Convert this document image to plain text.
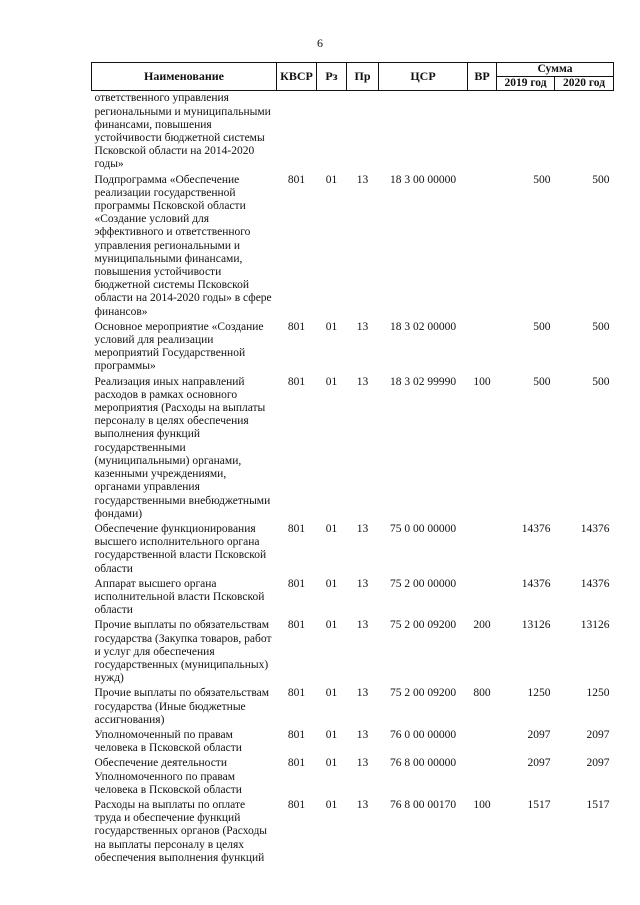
6
Наименование	КВСР	Рз	Пр	ЦСР	ВР	Сумма	
						2019 год	2020 год
ответственного управления региональными и муниципальными финансами, повышения устойчивости бюджетной системы Псковской области на 2014-2020 годы»							
Подпрограмма «Обеспечение реализации государственной программы Псковской области «Создание условий для эффективного и ответственного управления региональными и муниципальными финансами, повышения устойчивости бюджетной системы Псковской области на 2014-2020 годы» в сфере финансов»	801	01	13	18 3 00 00000		500	500
Основное мероприятие «Создание условий для реализации мероприятий Государственной программы»	801	01	13	18 3 02 00000		500	500
Реализация иных направлений расходов в рамках основного мероприятия (Расходы на выплаты персоналу в целях обеспечения выполнения функций государственными (муниципальными) органами, казенными учреждениями, органами управления государственными внебюджетными фондами)	801	01	13	18 3 02 99990	100	500	500
Обеспечение функционирования высшего исполнительного органа государственной власти Псковской области	801	01	13	75 0 00 00000		14376	14376
Аппарат высшего органа исполнительной власти Псковской области	801	01	13	75 2 00 00000		14376	14376
Прочие выплаты по обязательствам государства (Закупка товаров, работ и услуг для обеспечения государственных (муниципальных) нужд)	801	01	13	75 2 00 09200	200	13126	13126
Прочие выплаты по обязательствам государства (Иные бюджетные ассигнования)	801	01	13	75 2 00 09200	800	1250	1250
Уполномоченный по правам человека в Псковской области	801	01	13	76 0 00 00000		2097	2097
Обеспечение деятельности Уполномоченного по правам человека в Псковской области	801	01	13	76 8 00 00000		2097	2097
Расходы на выплаты по оплате труда и обеспечение функций государственных органов (Расходы на выплаты персоналу в целях обеспечения выполнения функций	801	01	13	76 8 00 00170	100	1517	1517
